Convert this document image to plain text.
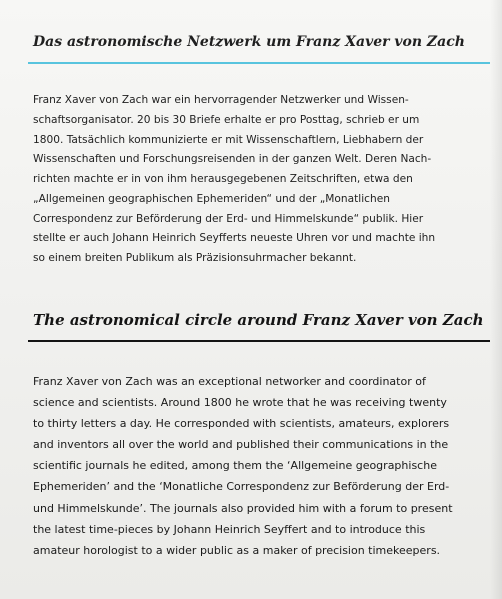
Das astronomische Netzwerk um Franz Xaver von Zach

Franz Xaver von Zach war ein hervorragender Netzwerker und Wissen-
schaftsorganisator. 20 bis 30 Briefe erhalte er pro Posttag, schrieb er um
1800. Tatsächlich kommunizierte er mit Wissenschaftlern, Liebhabern der
Wissenschaften und Forschungsreisenden in der ganzen Welt. Deren Nach-
richten machte er in von ihm herausgegebenen Zeitschriften, etwa den
„Allgemeinen geographischen Ephemeriden“ und der „Monatlichen
Correspondenz zur Beförderung der Erd- und Himmelskunde“ publik. Hier
stellte er auch Johann Heinrich Seyfferts neueste Uhren vor und machte ihn
so einem breiten Publikum als Präzisionsuhrmacher bekannt.

The astronomical circle around Franz Xaver von Zach

Franz Xaver von Zach was an exceptional networker and coordinator of
science and scientists. Around 1800 he wrote that he was receiving twenty
to thirty letters a day. He corresponded with scientists, amateurs, explorers
and inventors all over the world and published their communications in the
scientific journals he edited, among them the ‘Allgemeine geographische
Ephemeriden’ and the ‘Monatliche Correspondenz zur Beförderung der Erd-
und Himmelskunde’. The journals also provided him with a forum to present
the latest time-pieces by Johann Heinrich Seyffert and to introduce this
amateur horologist to a wider public as a maker of precision timekeepers.
